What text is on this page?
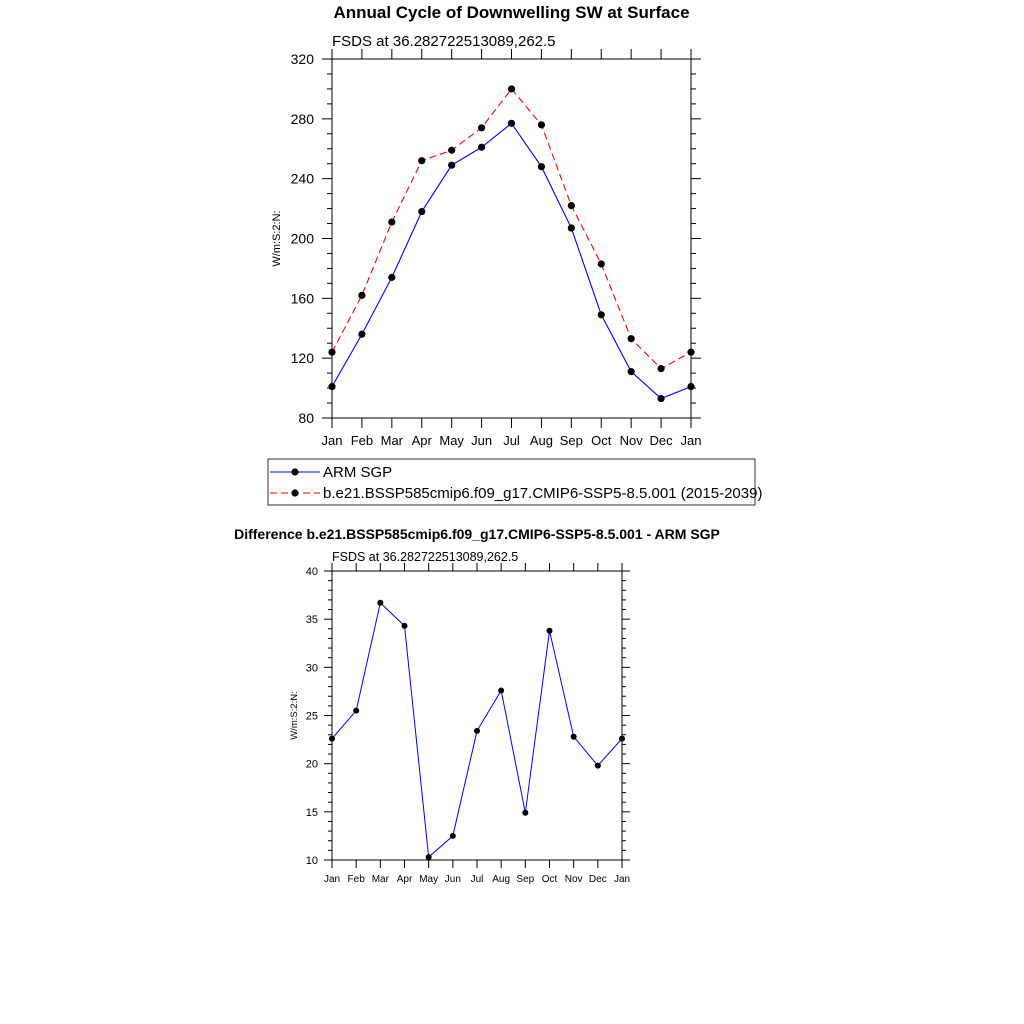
Annual Cycle of Downwelling SW at Surface
FSDS at 36.282722513089,262.5
80
120
160
200
240
280
320
Jan Feb Mar Apr May Jun Jul Aug Sep Oct Nov Dec Jan
W/m:S:2:N:
ARM SGP
b.e21.BSSP585cmip6.f09_g17.CMIP6-SSP5-8.5.001 (2015-2039)
Difference b.e21.BSSP585cmip6.f09_g17.CMIP6-SSP5-8.5.001 - ARM SGP
FSDS at 36.282722513089,262.5
10
15
20
25
30
35
40
Jan Feb Mar Apr May Jun Jul Aug Sep Oct Nov Dec Jan
W/m:S:2:N:
